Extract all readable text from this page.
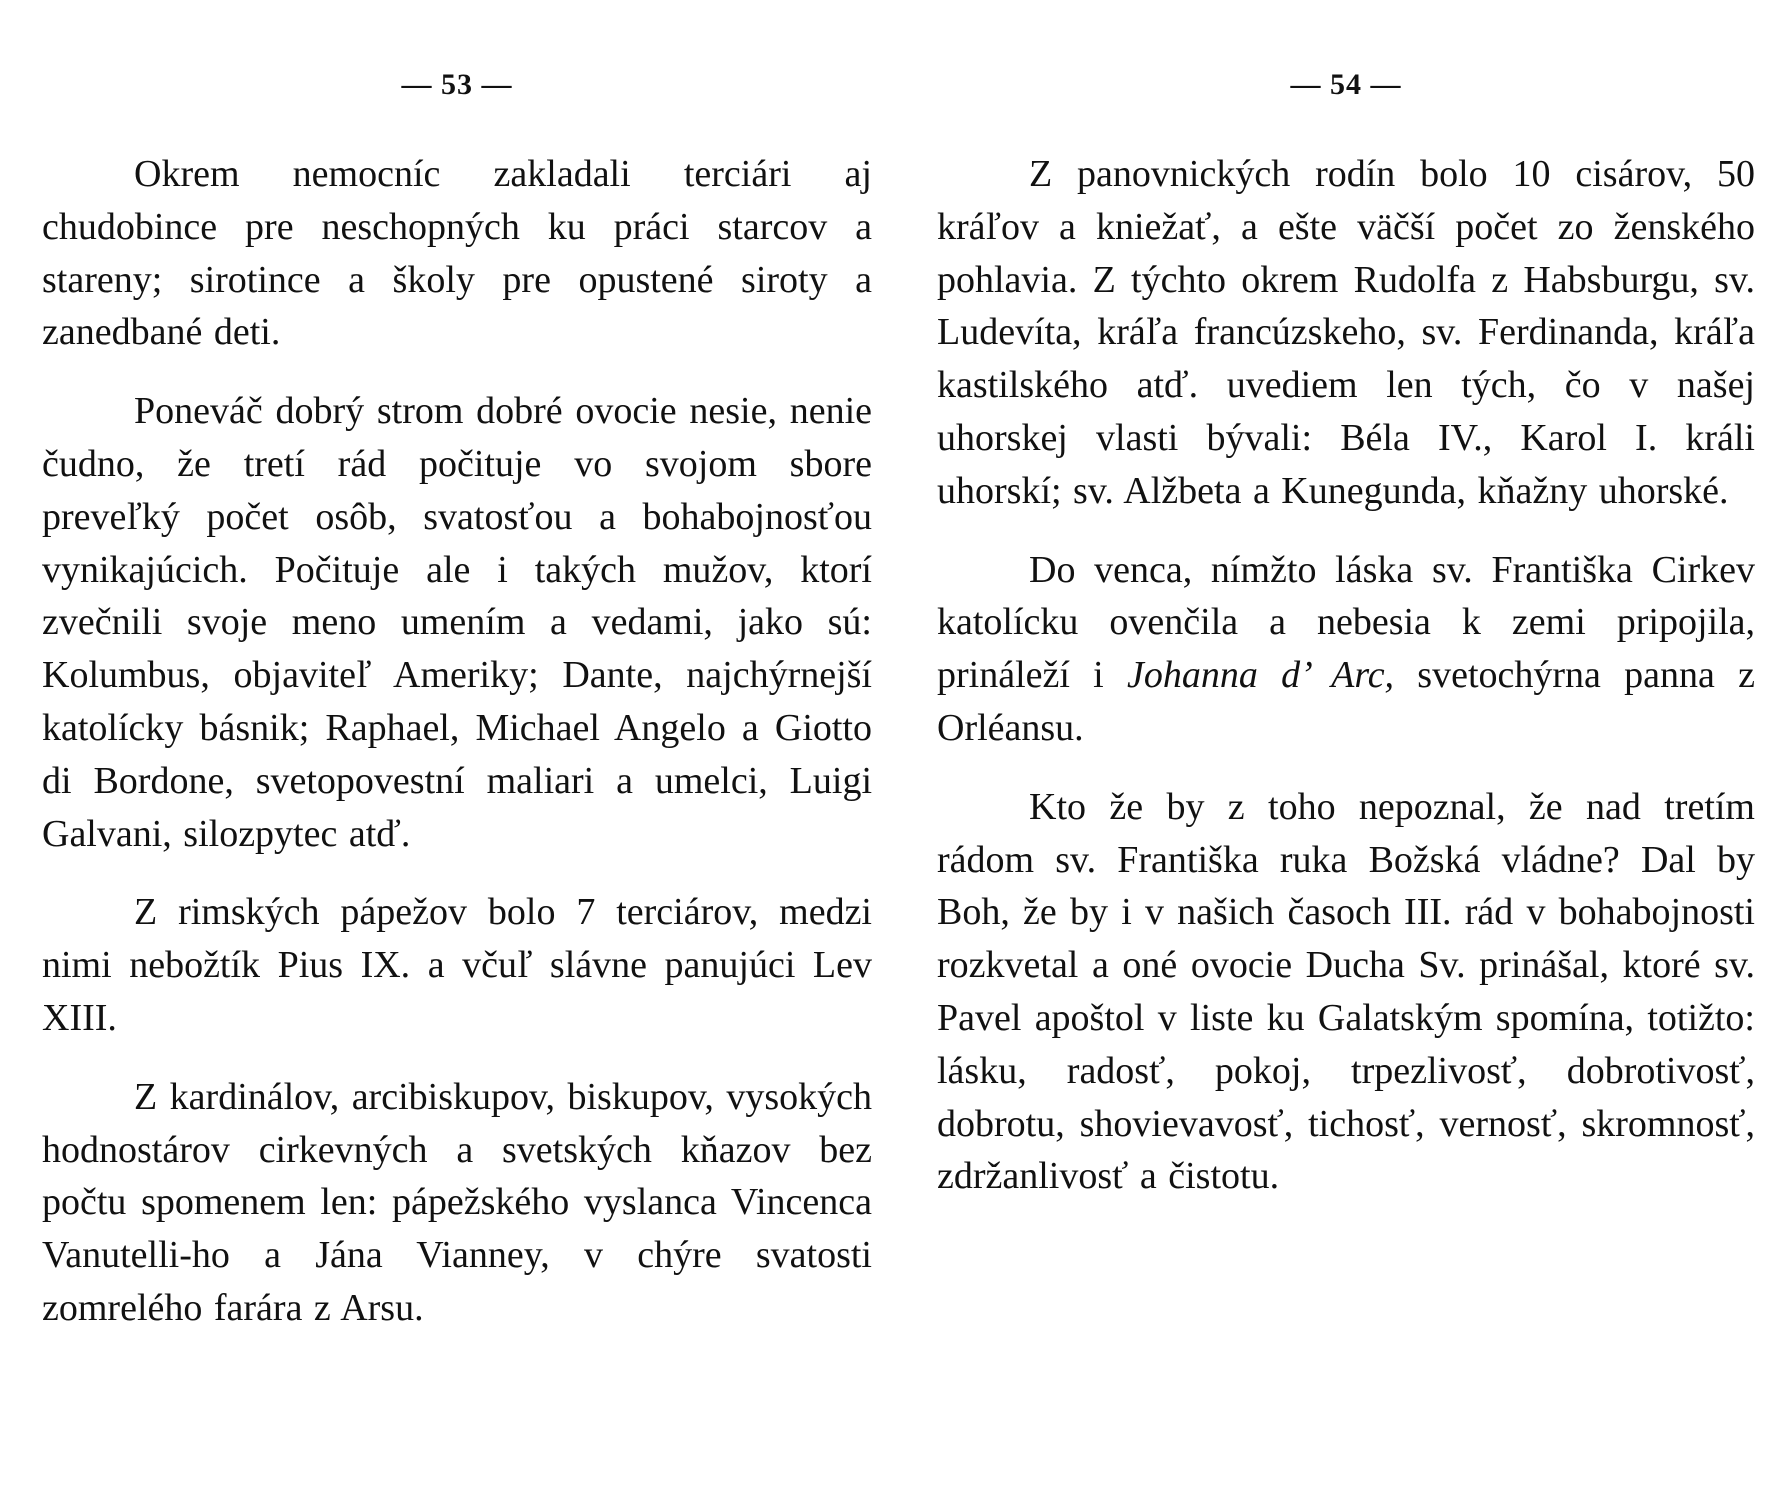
— 53 —

Okrem nemocníc zakladali terciári aj chudobince pre neschopných ku práci starcov a stareny; sirotince a školy pre opustené siroty a zanedbané deti.

Poneváč dobrý strom dobré ovocie nesie, nenie čudno, že tretí rád počituje vo svojom sbore preveľký počet osôb, svatosťou a bohabojnosťou vynikajúcich. Počituje ale i takých mužov, ktorí zvečnili svoje meno umením a vedami, jako sú: Kolumbus, objaviteľ Ameriky; Dante, najchýrnejší katolícky básnik; Raphael, Michael Angelo a Giotto di Bordone, svetopovestní maliari a umelci, Luigi Galvani, silozpytec atď.

Z rimských pápežov bolo 7 terciárov, medzi nimi nebožtík Pius IX. a včuľ slávne panujúci Lev XIII.

Z kardinálov, arcibiskupov, biskupov, vysokých hodnostárov cirkevných a svetských kňazov bez počtu spomenem len: pápežského vyslanca Vincenca Vanutelli-ho a Jána Vianney, v chýre svatosti zomrelého farára z Arsu.

— 54 —

Z panovnických rodín bolo 10 cisárov, 50 kráľov a kniežať, a ešte väčší počet zo ženského pohlavia. Z týchto okrem Rudolfa z Habsburgu, sv. Ludevíta, kráľa francúzskeho, sv. Ferdinanda, kráľa kastilského atď. uvediem len tých, čo v našej uhorskej vlasti bývali: Béla IV., Karol I. králi uhorskí; sv. Alžbeta a Kunegunda, kňažny uhorské.

Do venca, nímžto láska sv. Františka Cirkev katolícku ovenčila a nebesia k zemi pripojila, prináleží i Johanna d’ Arc, svetochýrna panna z Orléansu.

Kto že by z toho nepoznal, že nad tretím rádom sv. Františka ruka Božská vládne? Dal by Boh, že by i v našich časoch III. rád v bohabojnosti rozkvetal a oné ovocie Ducha Sv. prinášal, ktoré sv. Pavel apoštol v liste ku Galatským spomína, totižto: lásku, radosť, pokoj, trpezlivosť, dobrotivosť, dobrotu, shovievavosť, tichosť, vernosť, skromnosť, zdržanlivosť a čistotu.
